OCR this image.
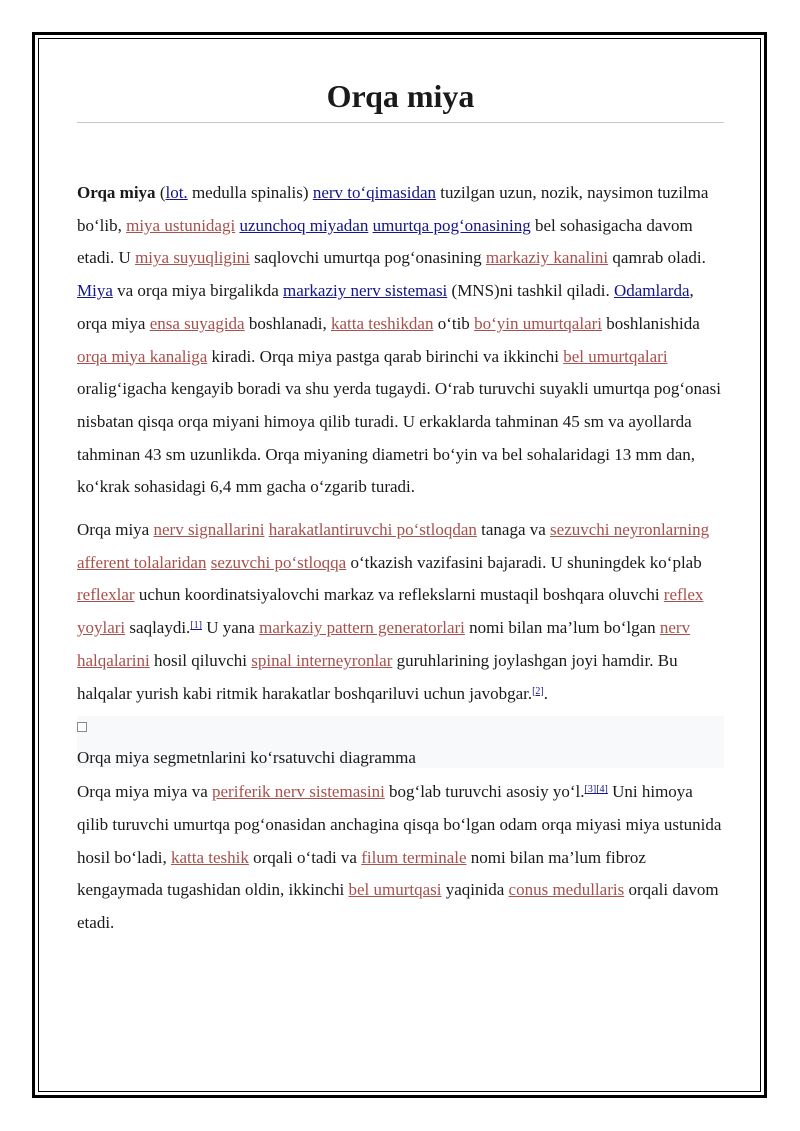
Orqa miya

Orqa miya (lot. medulla spinalis) nerv to‘qimasidan tuzilgan uzun, nozik, naysimon tuzilma bo‘lib, miya ustunidagi uzunchoq miyadan umurtqa pog‘onasining bel sohasigacha davom etadi. U miya suyuqligini saqlovchi umurtqa pog‘onasining markaziy kanalini qamrab oladi. Miya va orqa miya birgalikda markaziy nerv sistemasi (MNS)ni tashkil qiladi. Odamlarda, orqa miya ensa suyagida boshlanadi, katta teshikdan o‘tib bo‘yin umurtqalari boshlanishida orqa miya kanaliga kiradi. Orqa miya pastga qarab birinchi va ikkinchi bel umurtqalari oralig‘igacha kengayib boradi va shu yerda tugaydi. O‘rab turuvchi suyakli umurtqa pog‘onasi nisbatan qisqa orqa miyani himoya qilib turadi. U erkaklarda tahminan 45 sm va ayollarda tahminan 43 sm uzunlikda. Orqa miyaning diametri bo‘yin va bel sohalaridagi 13 mm dan, ko‘krak sohasidagi 6,4 mm gacha o‘zgarib turadi.

Orqa miya nerv signallarini harakatlantiruvchi po‘stloqdan tanaga va sezuvchi neyronlarning afferent tolalaridan sezuvchi po‘stloqqa o‘tkazish vazifasini bajaradi. U shuningdek ko‘plab reflexlar uchun koordinatsiyalovchi markaz va reflekslarni mustaqil boshqara oluvchi reflex yoylari saqlaydi.[1] U yana markaziy pattern generatorlari nomi bilan ma’lum bo‘lgan nerv halqalarini hosil qiluvchi spinal interneyronlar guruhlarining joylashgan joyi hamdir. Bu halqalar yurish kabi ritmik harakatlar boshqariluvi uchun javobgar.[2].

Orqa miya segmetnlarini ko‘rsatuvchi diagramma

Orqa miya miya va periferik nerv sistemasini bog‘lab turuvchi asosiy yo‘l.[3][4] Uni himoya qilib turuvchi umurtqa pog‘onasidan anchagina qisqa bo‘lgan odam orqa miyasi miya ustunida hosil bo‘ladi, katta teshik orqali o‘tadi va filum terminale nomi bilan ma’lum fibroz kengaymada tugashidan oldin, ikkinchi bel umurtqasi yaqinida conus medullaris orqali davom etadi.
